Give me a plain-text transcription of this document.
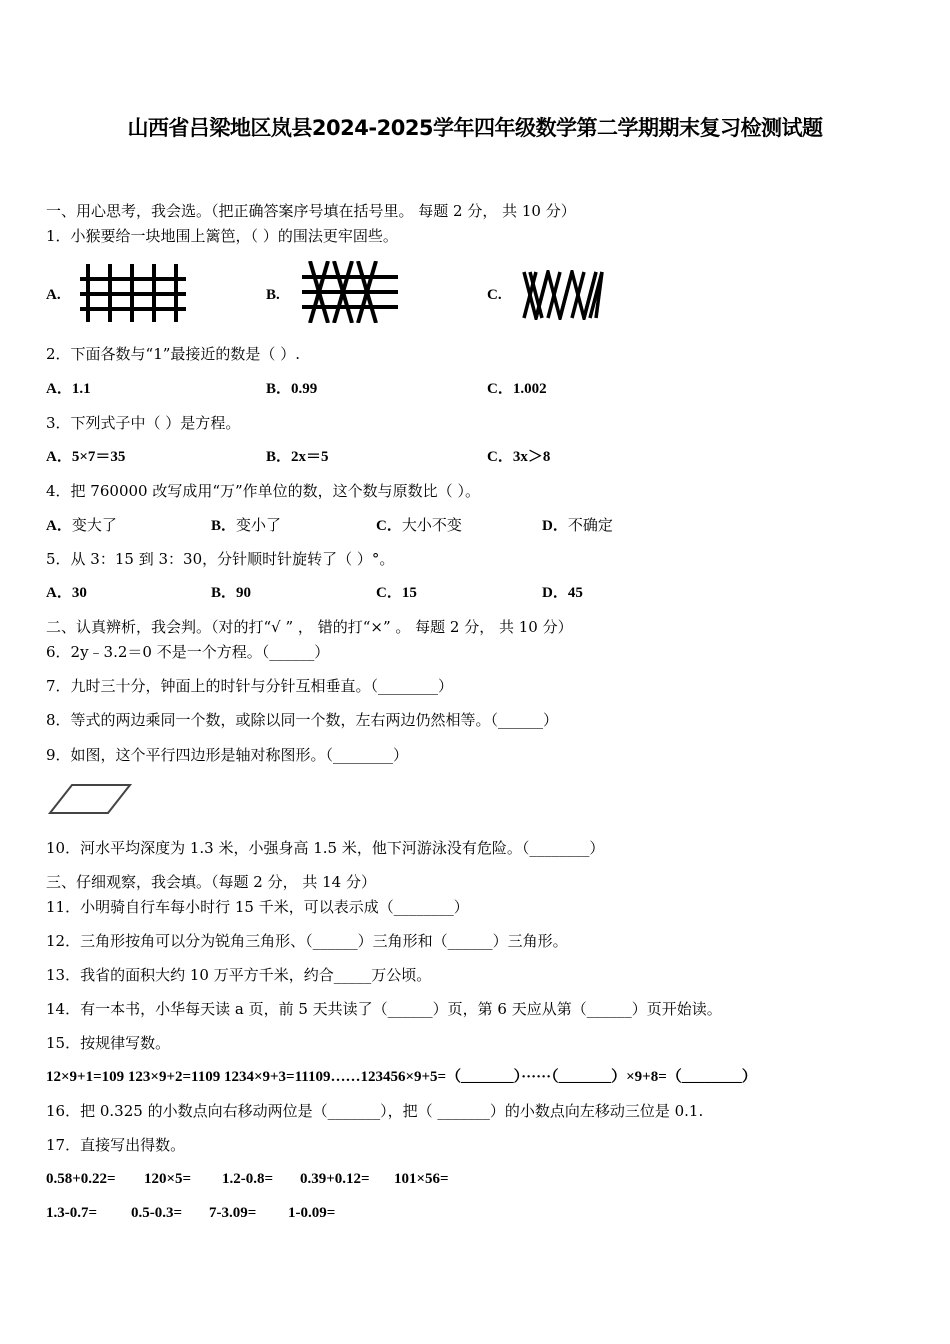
山西省吕梁地区岚县2024-2025学年四年级数学第二学期期末复习检测试题
一、用心思考，我会选。（把正确答案序号填在括号里。 每题 2 分， 共 10 分）
1．小猴要给一块地围上篱笆，（ ）的围法更牢固些。
A.	B.	C.
2．下面各数与“1”最接近的数是（ ）.
A．1.1	B．0.99	C．1.002
3．下列式子中（ ）是方程。
A．5×7＝35	B．2x＝5	C．3x＞8
4．把 760000 改写成用“万”作单位的数，这个数与原数比（ ）。
A．变大了	B．变小了	C．大小不变	D．不确定
5．从 3：15 到 3：30，分针顺时针旋转了（ ）°。
A．30	B．90	C．15	D．45
二、认真辨析，我会判。（对的打“√ ” ， 错的打“×” 。 每题 2 分， 共 10 分）
6．2y﹣3.2＝0 不是一个方程。（______）
7．九时三十分，钟面上的时针与分针互相垂直。（________）
8．等式的两边乘同一个数，或除以同一个数，左右两边仍然相等。（______）
9．如图，这个平行四边形是轴对称图形。（________）
10．河水平均深度为 1.3 米，小强身高 1.5 米，他下河游泳没有危险。（________）
三、仔细观察，我会填。（每题 2 分， 共 14 分）
11．小明骑自行车每小时行 15 千米，可以表示成（________）
12．三角形按角可以分为锐角三角形、（______）三角形和（______）三角形。
13．我省的面积大约 10 万平方千米，约合_____万公顷。
14．有一本书，小华每天读 a 页，前 5 天共读了（______）页，第 6 天应从第（______）页开始读。
15．按规律写数。
12×9+1=109 123×9+2=1109 1234×9+3=11109……123456×9+5=（_______）······（_______）×9+8=（________）
16．把 0.325 的小数点向右移动两位是（_______），把（ _______）的小数点向左移动三位是 0.1.
17．直接写出得数。
0.58+0.22= 120×5= 1.2-0.8= 0.39+0.12= 101×56=
1.3-0.7= 0.5-0.3= 7-3.09= 1-0.09=
